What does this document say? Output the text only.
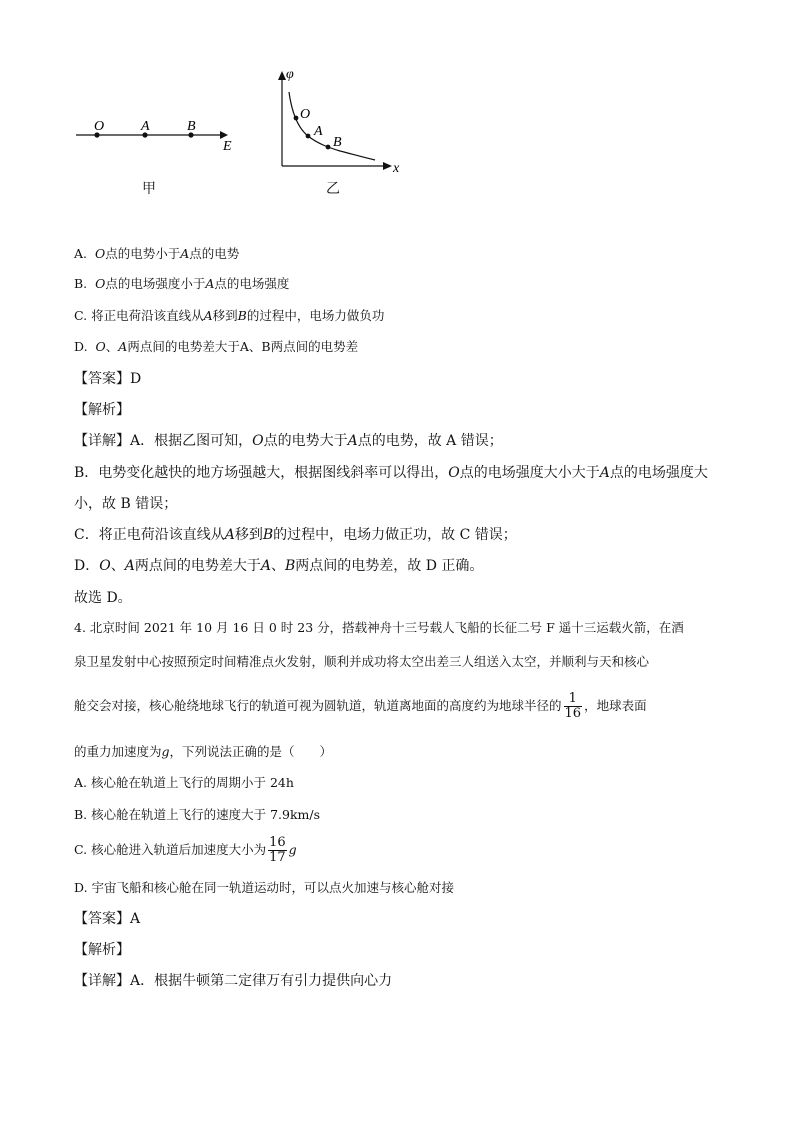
O	A	B
E
甲
φ
x
O
A
B
乙
A. O点的电势小于A点的电势
B. O点的电场强度小于A点的电场强度
C. 将正电荷沿该直线从A移到B的过程中，电场力做负功
D. O、A两点间的电势差大于A、B两点间的电势差
【答案】D
【解析】
【详解】A．根据乙图可知，O点的电势大于A点的电势，故 A 错误；
B．电势变化越快的地方场强越大，根据图线斜率可以得出，O点的电场强度大小大于A点的电场强度大
小，故 B 错误；
C．将正电荷沿该直线从A移到B的过程中，电场力做正功，故 C 错误；
D．O、A两点间的电势差大于A、B两点间的电势差，故 D 正确。
故选 D。
4. 北京时间 2021 年 10 月 16 日 0 时 23 分，搭载神舟十三号载人飞船的长征二号 F 遥十三运载火箭，在酒
泉卫星发射中心按照预定时间精准点火发射，顺利并成功将太空出差三人组送入太空，并顺利与天和核心
舱交会对接，核心舱绕地球飞行的轨道可视为圆轨道，轨道离地面的高度约为地球半径的 $\frac{1}{16}$ ，地球表面
的重力加速度为g，下列说法正确的是（　　）
A. 核心舱在轨道上飞行的周期小于 24h
B. 核心舱在轨道上飞行的速度大于 7.9km/s
C. 核心舱进入轨道后加速度大小为 $\frac{16}{17}$ g
D. 宇宙飞船和核心舱在同一轨道运动时，可以点火加速与核心舱对接
【答案】A
【解析】
【详解】A．根据牛顿第二定律万有引力提供向心力
